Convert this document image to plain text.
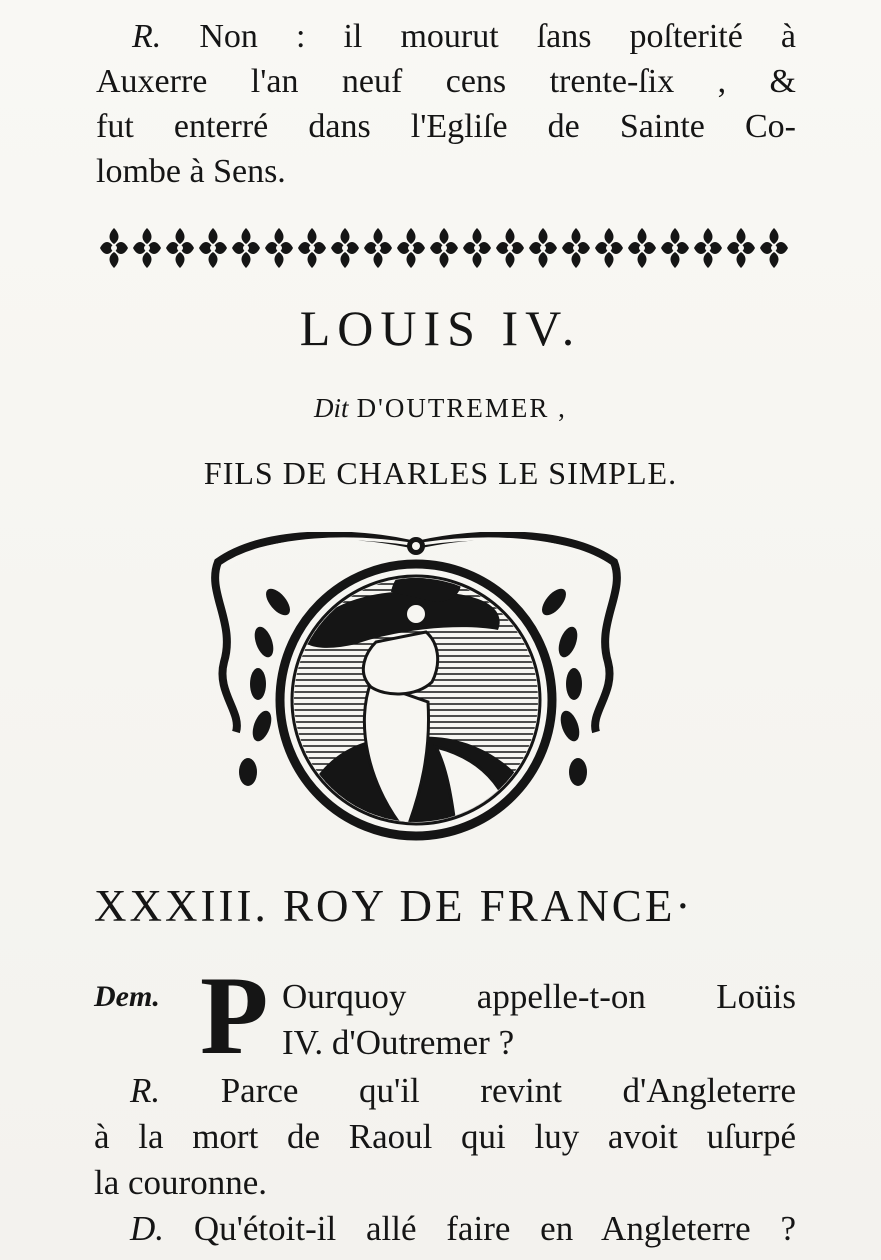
R. Non : il mourut ſans poſterité à
Auxerre l'an neuf cens trente-ſix , &
fut enterré dans l'Egliſe de Sainte Co-
lombe à Sens.
LOUIS IV.
Dit D'OUTREMER ,
FILS DE CHARLES LE SIMPLE.
XXXIII. ROY DE FRANCE·
Dem. P Ourquoy appelle-t-on Loüis
IV. d'Outremer ?
R. Parce qu'il revint d'Angleterre
à la mort de Raoul qui luy avoit uſurpé
la couronne.
D. Qu'étoit-il allé faire en Angleterre ?
